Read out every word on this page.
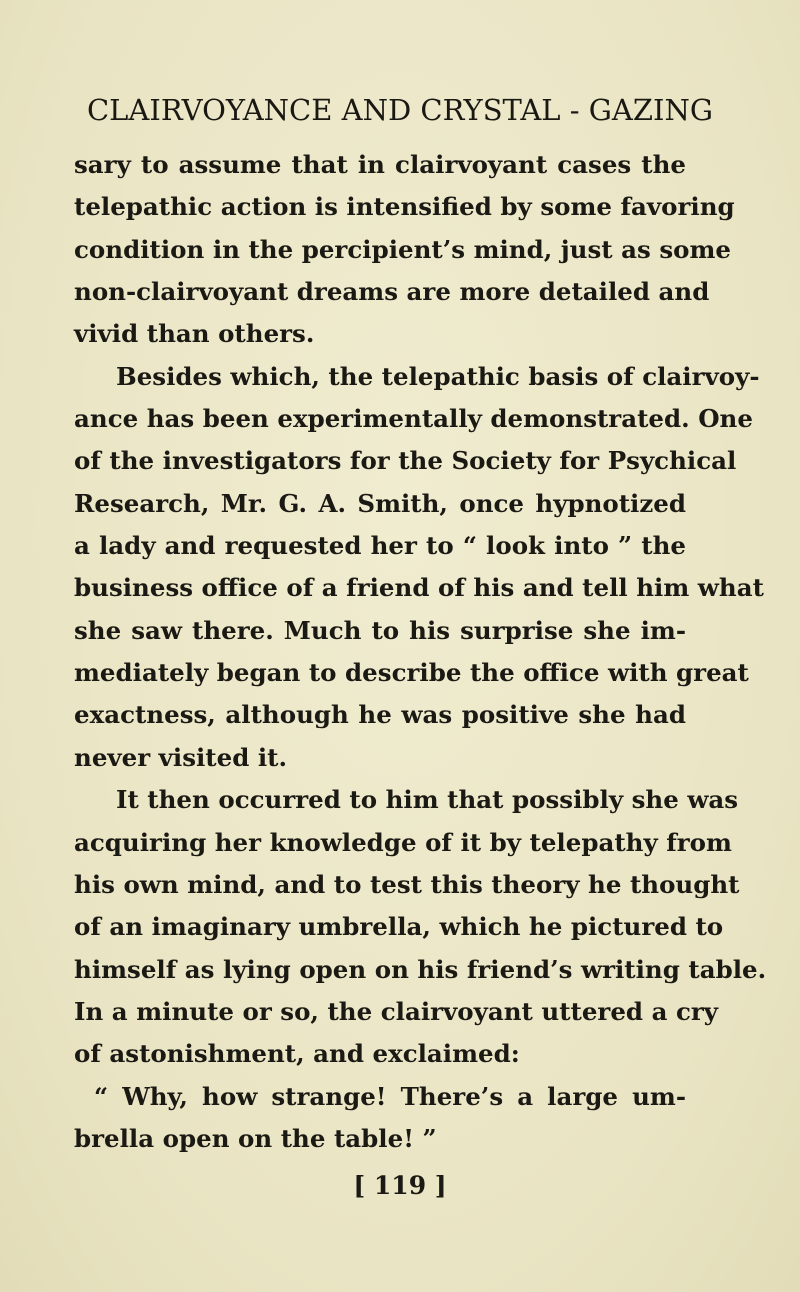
CLAIRVOYANCE AND CRYSTAL - GAZING
sary to assume that in clairvoyant cases the
telepathic action is intensified by some favoring
condition in the percipient’s mind, just as some
non-clairvoyant dreams are more detailed and
vivid than others.
Besides which, the telepathic basis of clairvoy-
ance has been experimentally demonstrated. One
of the investigators for the Society for Psychical
Research, Mr. G. A. Smith, once hypnotized
a lady and requested her to “ look into ” the
business office of a friend of his and tell him what
she saw there. Much to his surprise she im-
mediately began to describe the office with great
exactness, although he was positive she had
never visited it.
It then occurred to him that possibly she was
acquiring her knowledge of it by telepathy from
his own mind, and to test this theory he thought
of an imaginary umbrella, which he pictured to
himself as lying open on his friend’s writing table.
In a minute or so, the clairvoyant uttered a cry
of astonishment, and exclaimed:
“ Why, how strange! There’s a large um-
brella open on the table! ”
[ 119 ]
